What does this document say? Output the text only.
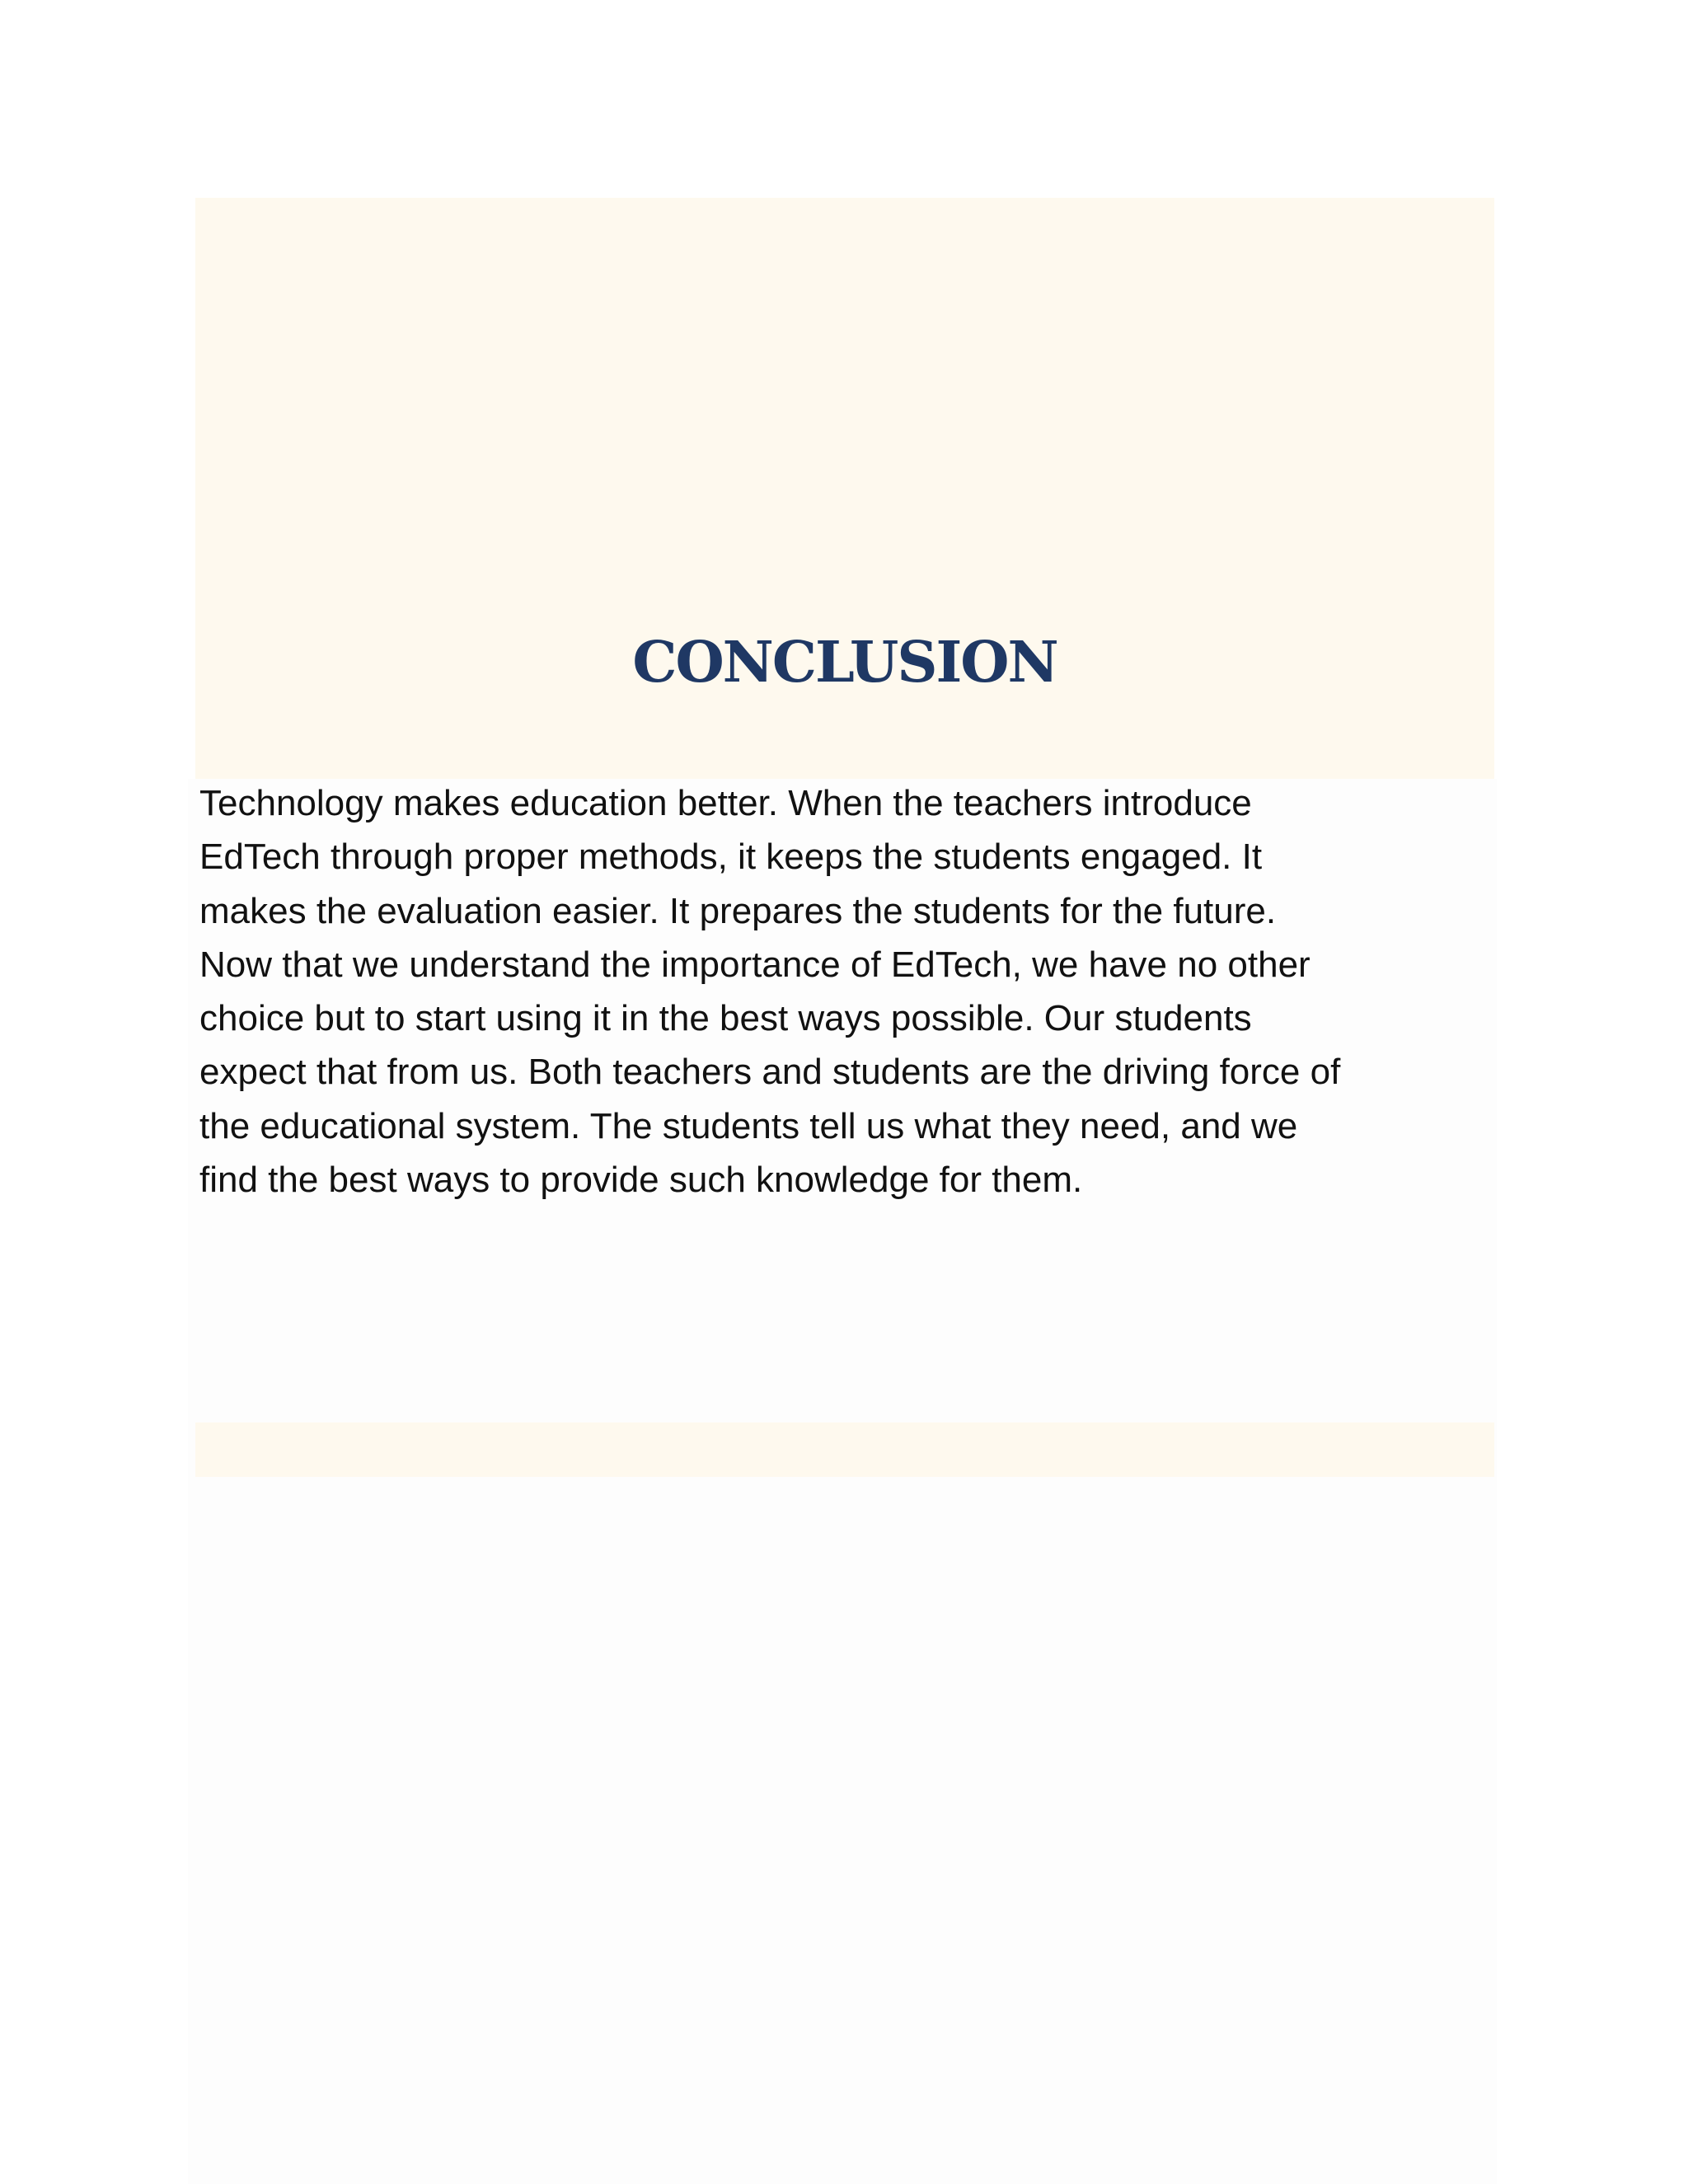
CONCLUSION
Technology makes education better. When the teachers introduce
EdTech through proper methods, it keeps the students engaged. It
makes the evaluation easier. It prepares the students for the future.
Now that we understand the importance of EdTech, we have no other
choice but to start using it in the best ways possible. Our students
expect that from us. Both teachers and students are the driving force of
the educational system. The students tell us what they need, and we
find the best ways to provide such knowledge for them.
